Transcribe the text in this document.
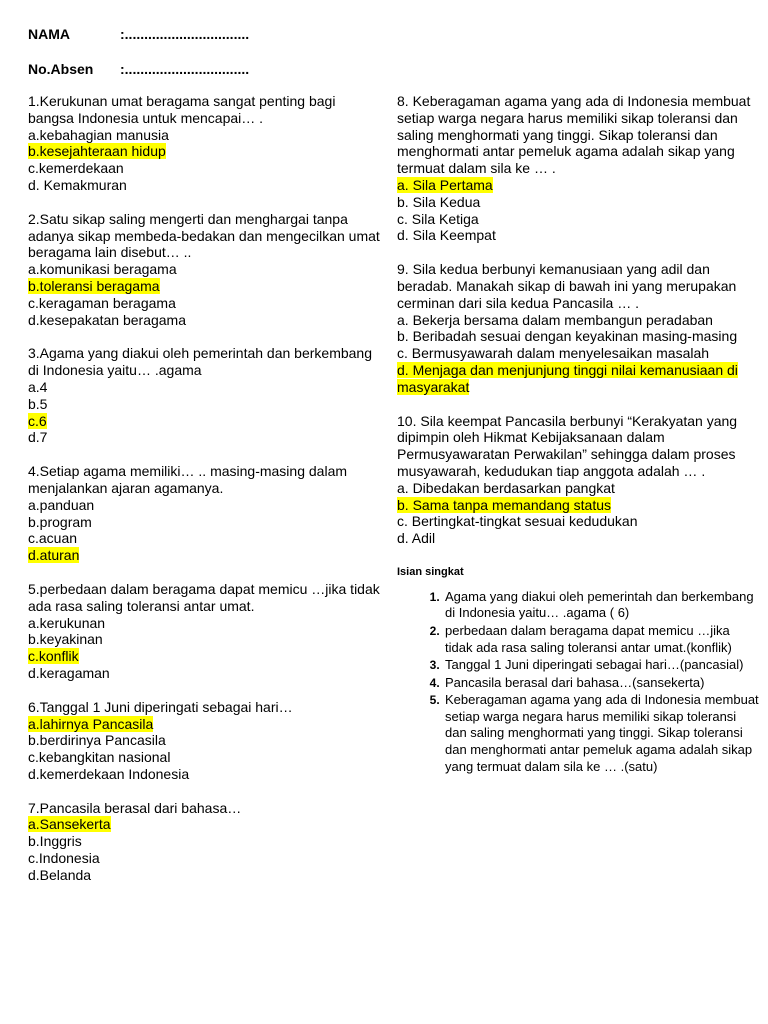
NAMA	:................................
No.Absen :................................
1.Kerukunan umat beragama sangat penting bagi bangsa Indonesia untuk mencapai… .
a.kebahagian manusia
b.kesejahteraan hidup
c.kemerdekaan
d. Kemakmuran
2.Satu sikap saling mengerti dan menghargai tanpa adanya sikap membeda-bedakan dan mengecilkan umat beragama lain disebut… ..
a.komunikasi beragama
b.toleransi beragama
c.keragaman beragama
d.kesepakatan beragama
3.Agama yang diakui oleh pemerintah dan berkembang di Indonesia yaitu… .agama
a.4
b.5
c.6
d.7
4.Setiap agama memiliki… .. masing-masing dalam menjalankan ajaran agamanya.
a.panduan
b.program
c.acuan
d.aturan
5.perbedaan dalam beragama dapat memicu …jika tidak ada rasa saling toleransi antar umat.
a.kerukunan
b.keyakinan
c.konflik
d.keragaman
6.Tanggal 1 Juni diperingati sebagai hari…
a.lahirnya Pancasila
b.berdirinya Pancasila
c.kebangkitan nasional
d.kemerdekaan Indonesia
7.Pancasila berasal dari bahasa…
a.Sansekerta
b.Inggris
c.Indonesia
d.Belanda
8. Keberagaman agama yang ada di Indonesia membuat setiap warga negara harus memiliki sikap toleransi dan saling menghormati yang tinggi. Sikap toleransi dan menghormati antar pemeluk agama adalah sikap yang termuat dalam sila ke … .
a. Sila Pertama
b. Sila Kedua
c. Sila Ketiga
d. Sila Keempat
9. Sila kedua berbunyi kemanusiaan yang adil dan beradab. Manakah sikap di bawah ini yang merupakan cerminan dari sila kedua Pancasila … .
a. Bekerja bersama dalam membangun peradaban
b. Beribadah sesuai dengan keyakinan masing-masing
c. Bermusyawarah dalam menyelesaikan masalah
d. Menjaga dan menjunjung tinggi nilai kemanusiaan di masyarakat
10. Sila keempat Pancasila berbunyi “Kerakyatan yang dipimpin oleh Hikmat Kebijaksanaan dalam Permusyawaratan Perwakilan” sehingga dalam proses musyawarah, kedudukan tiap anggota adalah … .
a. Dibedakan berdasarkan pangkat
b. Sama tanpa memandang status
c. Bertingkat-tingkat sesuai kedudukan
d. Adil
Isian singkat
1. Agama yang diakui oleh pemerintah dan berkembang di Indonesia yaitu… .agama ( 6)
2. perbedaan dalam beragama dapat memicu …jika tidak ada rasa saling toleransi antar umat.(konflik)
3. Tanggal 1 Juni diperingati sebagai hari…(pancasial)
4. Pancasila berasal dari bahasa…(sansekerta)
5. Keberagaman agama yang ada di Indonesia membuat setiap warga negara harus memiliki sikap toleransi dan saling menghormati yang tinggi. Sikap toleransi dan menghormati antar pemeluk agama adalah sikap yang termuat dalam sila ke … .(satu)
